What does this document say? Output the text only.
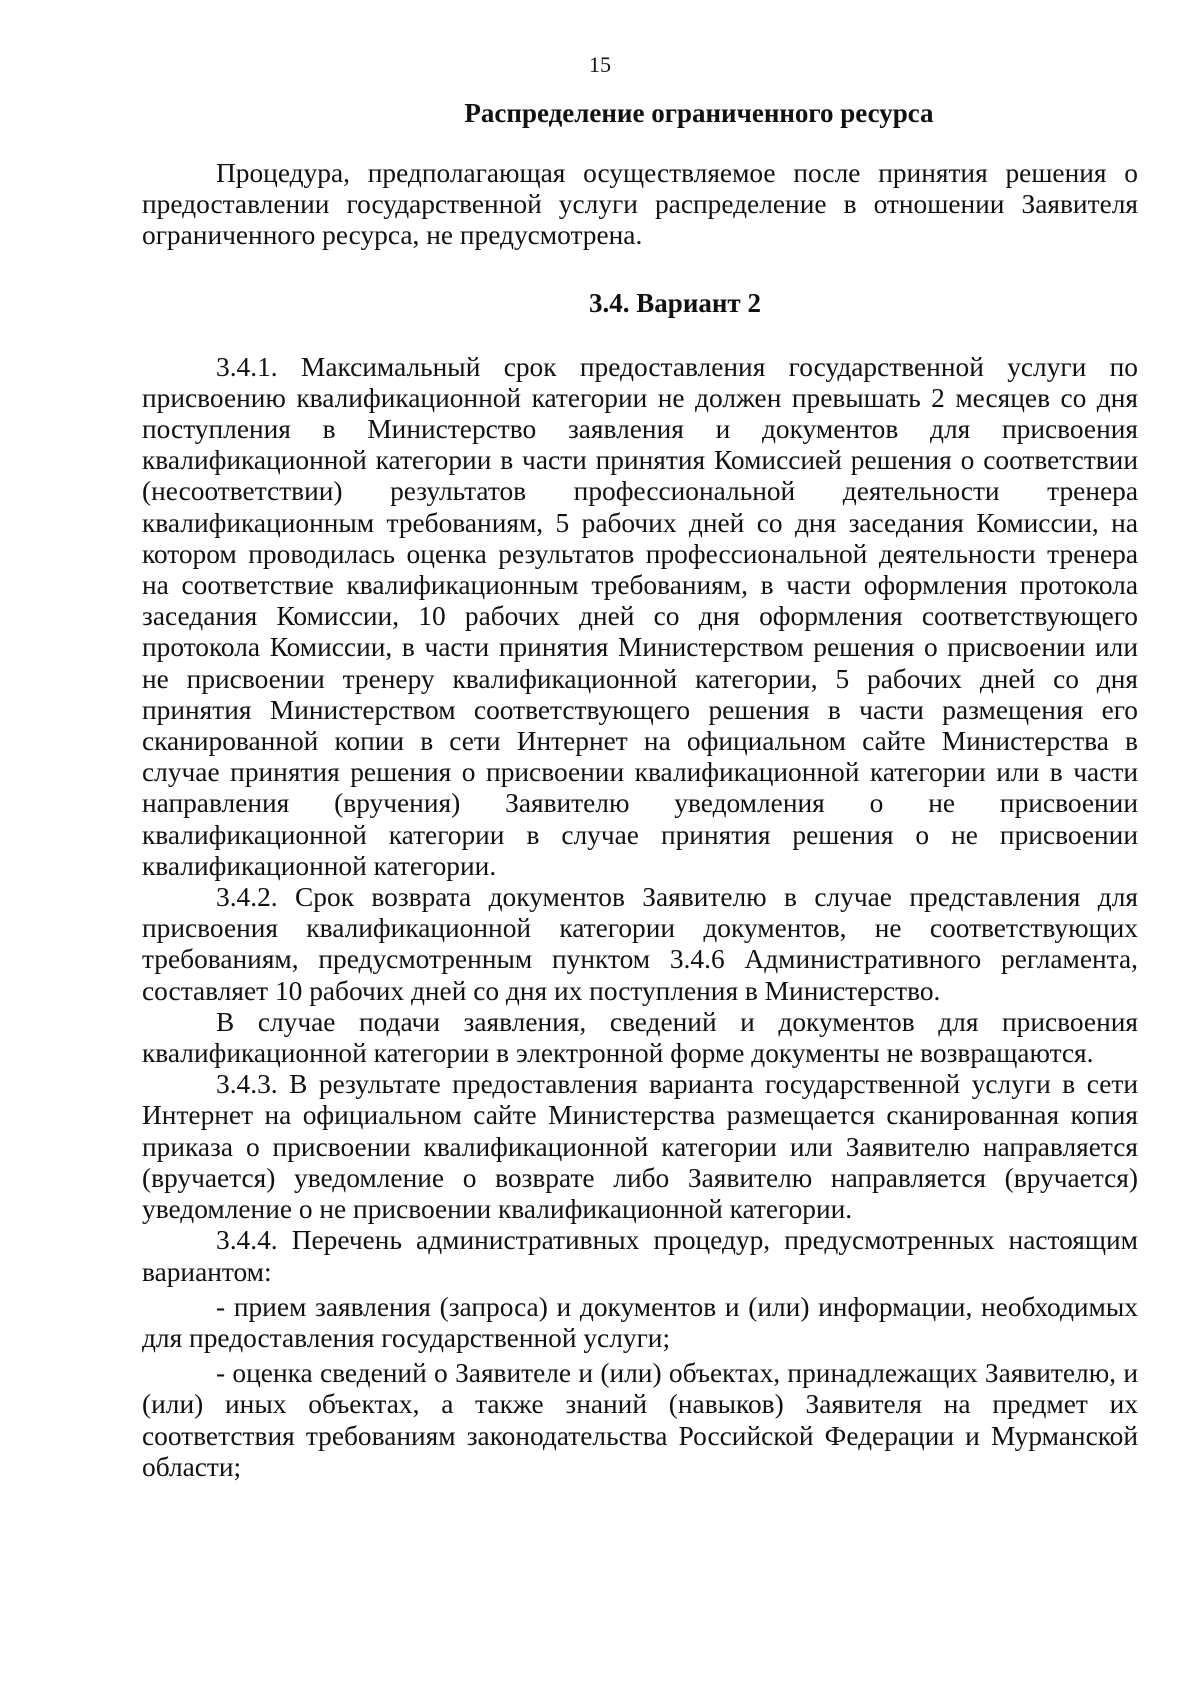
15
Распределение ограниченного ресурса

Процедура, предполагающая осуществляемое после принятия решения о предоставлении государственной услуги распределение в отношении Заявителя ограниченного ресурса, не предусмотрена.

3.4. Вариант 2

3.4.1. Максимальный срок предоставления государственной услуги по присвоению квалификационной категории не должен превышать 2 месяцев со дня поступления в Министерство заявления и документов для присвоения квалификационной категории в части принятия Комиссией решения о соответствии (несоответствии) результатов профессиональной деятельности тренера квалификационным требованиям, 5 рабочих дней со дня заседания Комиссии, на котором проводилась оценка результатов профессиональной деятельности тренера на соответствие квалификационным требованиям, в части оформления протокола заседания Комиссии, 10 рабочих дней со дня оформления соответствующего протокола Комиссии, в части принятия Министерством решения о присвоении или не присвоении тренеру квалификационной категории, 5 рабочих дней со дня принятия Министерством соответствующего решения в части размещения его сканированной копии в сети Интернет на официальном сайте Министерства в случае принятия решения о присвоении квалификационной категории или в части направления (вручения) Заявителю уведомления о не присвоении квалификационной категории в случае принятия решения о не присвоении квалификационной категории.

3.4.2. Срок возврата документов Заявителю в случае представления для присвоения квалификационной категории документов, не соответствующих требованиям, предусмотренным пунктом 3.4.6 Административного регламента, составляет 10 рабочих дней со дня их поступления в Министерство.

В случае подачи заявления, сведений и документов для присвоения квалификационной категории в электронной форме документы не возвращаются.

3.4.3. В результате предоставления варианта государственной услуги в сети Интернет на официальном сайте Министерства размещается сканированная копия приказа о присвоении квалификационной категории или Заявителю направляется (вручается) уведомление о возврате либо Заявителю направляется (вручается) уведомление о не присвоении квалификационной категории.

3.4.4. Перечень административных процедур, предусмотренных настоящим вариантом:

- прием заявления (запроса) и документов и (или) информации, необходимых для предоставления государственной услуги;

- оценка сведений о Заявителе и (или) объектах, принадлежащих Заявителю, и (или) иных объектах, а также знаний (навыков) Заявителя на предмет их соответствия требованиям законодательства Российской Федерации и Мурманской области;
